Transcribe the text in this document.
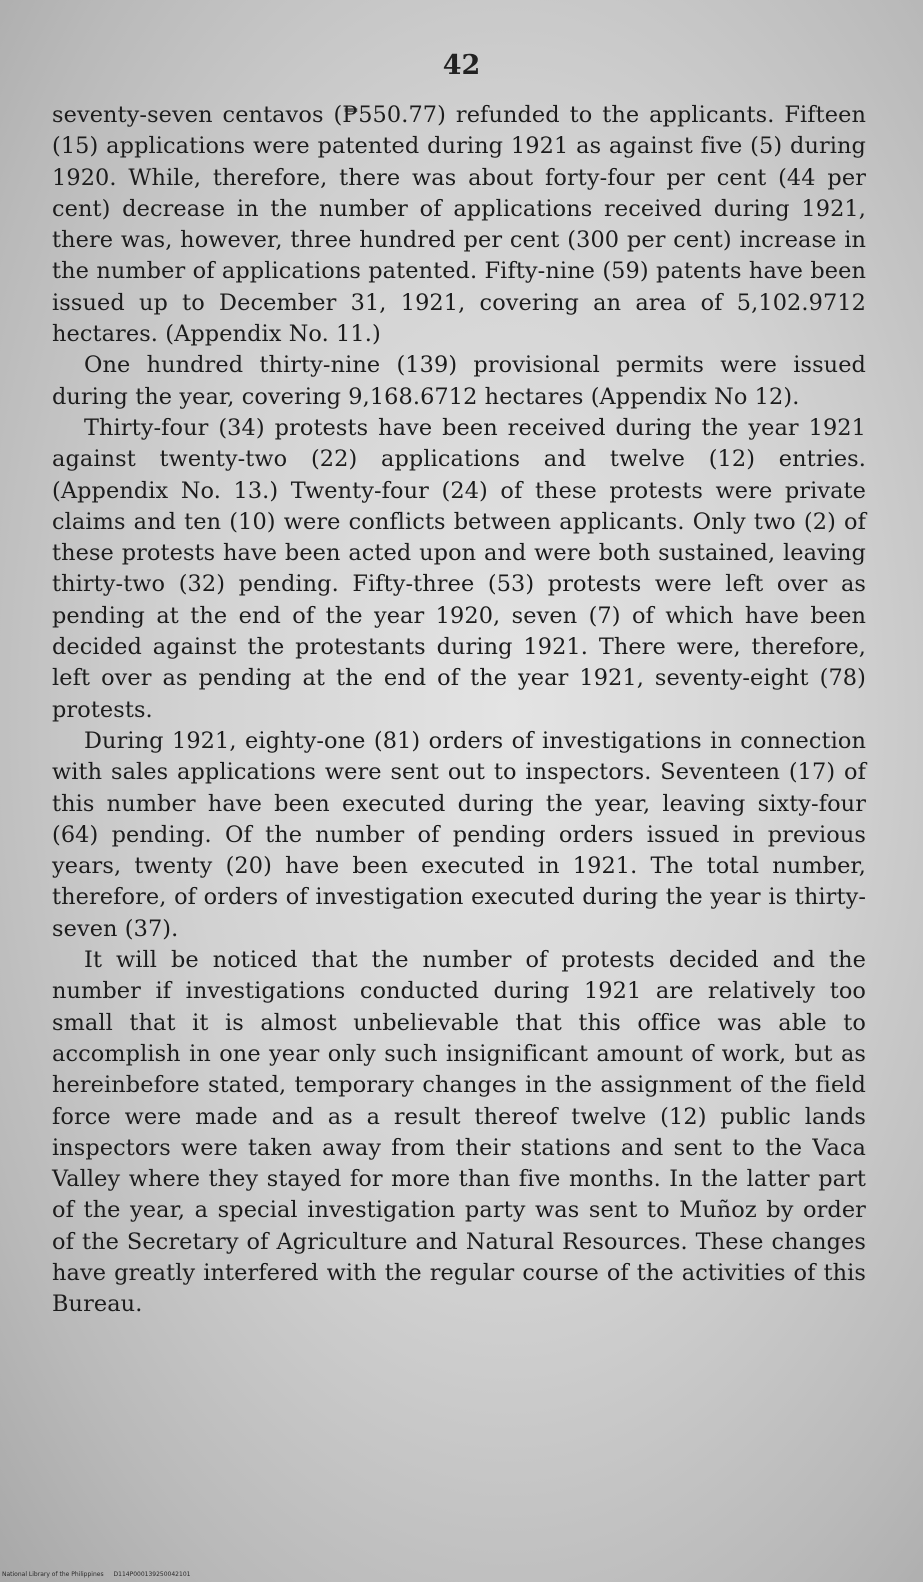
42

seventy-seven centavos (₱550.77) refunded to the applicants. Fifteen (15) applications were patented during 1921 as against five (5) during 1920. While, therefore, there was about forty-four per cent (44 per cent) decrease in the number of applications received during 1921, there was, however, three hundred per cent (300 per cent) increase in the number of applications patented. Fifty-nine (59) patents have been issued up to December 31, 1921, covering an area of 5,102.9712 hectares. (Appendix No. 11.)

One hundred thirty-nine (139) provisional permits were issued during the year, covering 9,168.6712 hectares (Appendix No 12).

Thirty-four (34) protests have been received during the year 1921 against twenty-two (22) applications and twelve (12) entries. (Appendix No. 13.) Twenty-four (24) of these protests were private claims and ten (10) were conflicts between applicants. Only two (2) of these protests have been acted upon and were both sustained, leaving thirty-two (32) pending. Fifty-three (53) protests were left over as pending at the end of the year 1920, seven (7) of which have been decided against the protestants during 1921. There were, therefore, left over as pending at the end of the year 1921, seventy-eight (78) protests.

During 1921, eighty-one (81) orders of investigations in connection with sales applications were sent out to inspectors. Seventeen (17) of this number have been executed during the year, leaving sixty-four (64) pending. Of the number of pending orders issued in previous years, twenty (20) have been executed in 1921. The total number, therefore, of orders of investigation executed during the year is thirty-seven (37).

It will be noticed that the number of protests decided and the number if investigations conducted during 1921 are relatively too small that it is almost unbelievable that this office was able to accomplish in one year only such insignificant amount of work, but as hereinbefore stated, temporary changes in the assignment of the field force were made and as a result thereof twelve (12) public lands inspectors were taken away from their stations and sent to the Vaca Valley where they stayed for more than five months. In the latter part of the year, a special investigation party was sent to Muñoz by order of the Secretary of Agriculture and Natural Resources. These changes have greatly interfered with the regular course of the activities of this Bureau.

National Library of the Philippines D114P000139250042101
